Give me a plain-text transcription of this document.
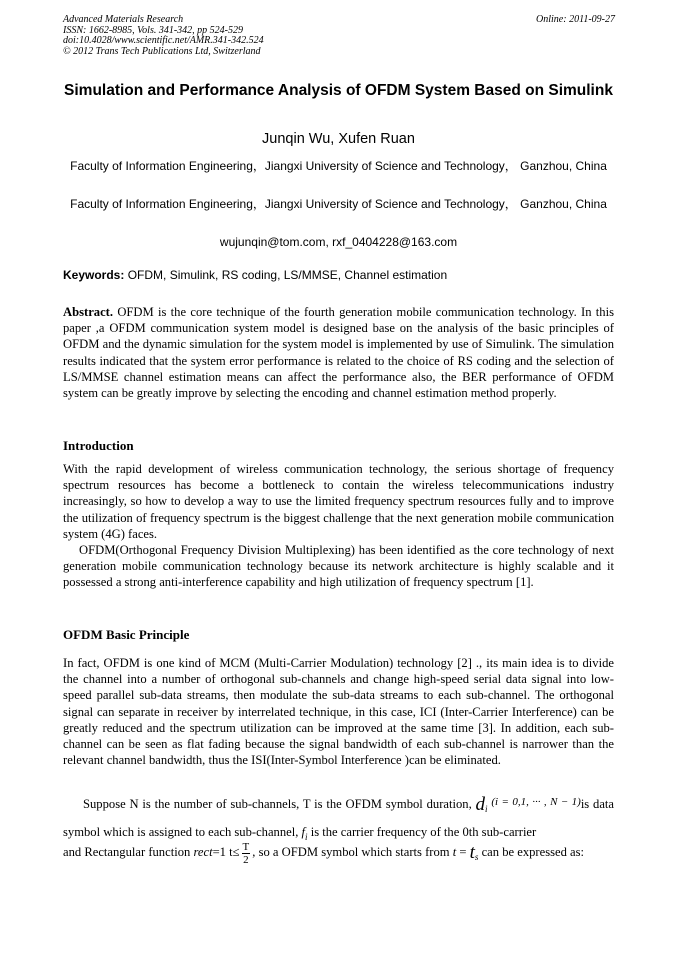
Advanced Materials Research
ISSN: 1662-8985, Vols. 341-342, pp 524-529
doi:10.4028/www.scientific.net/AMR.341-342.524
© 2012 Trans Tech Publications Ltd, Switzerland
Online: 2011-09-27
Simulation and Performance Analysis of OFDM System Based on Simulink
Junqin Wu, Xufen Ruan
Faculty of Information Engineering，Jiangxi University of Science and Technology， Ganzhou, China
Faculty of Information Engineering，Jiangxi University of Science and Technology， Ganzhou, China
wujunqin@tom.com, rxf_0404228@163.com
Keywords: OFDM, Simulink, RS coding, LS/MMSE, Channel estimation

Abstract. OFDM is the core technique of the fourth generation mobile communication technology. In this paper ,a OFDM communication system model is designed base on the analysis of the basic principles of OFDM and the dynamic simulation for the system model is implemented by use of Simulink. The simulation results indicated that the system error performance is related to the choice of RS coding and the selection of LS/MMSE channel estimation means can affect the performance also, the BER performance of OFDM system can be greatly improve by selecting the encoding and channel estimation method properly.

Introduction

With the rapid development of wireless communication technology, the serious shortage of frequency spectrum resources has become a bottleneck to contain the wireless telecommunications industry increasingly, so how to develop a way to use the limited frequency spectrum resources fully and to improve the utilization of frequency spectrum is the biggest challenge that the next generation mobile communication system (4G) faces.

OFDM(Orthogonal Frequency Division Multiplexing) has been identified as the core technology of next generation mobile communication technology because its network architecture is highly scalable and it possessed a strong anti-interference capability and high utilization of frequency spectrum [1].

OFDM Basic Principle

In fact, OFDM is one kind of MCM (Multi-Carrier Modulation) technology [2] ., its main idea is to divide the channel into a number of orthogonal sub-channels and change high-speed serial data signal into low-speed parallel sub-data streams, then modulate the sub-data streams to each sub-channel. The orthogonal signal can separate in receiver by interrelated technique, in this case, ICI (Inter-Carrier Interference) can be greatly reduced and the spectrum utilization can be improved at the same time [3]. In addition, each sub-channel can be seen as flat fading because the signal bandwidth of each sub-channel is narrower than the relevant channel bandwidth, thus the ISI(Inter-Symbol Interference )can be eliminated.

Suppose N is the number of sub-channels, T is the OFDM symbol duration, $d_i$ (i = 0,1, ··· , N − 1)is data symbol which is assigned to each sub-channel, $f_i$ is the carrier frequency of the 0th sub-carrier

and Rectangular function rect=1 $t\le \frac{T}{2}$ , so a OFDM symbol which starts from $t = t_s$ can be expressed as:
